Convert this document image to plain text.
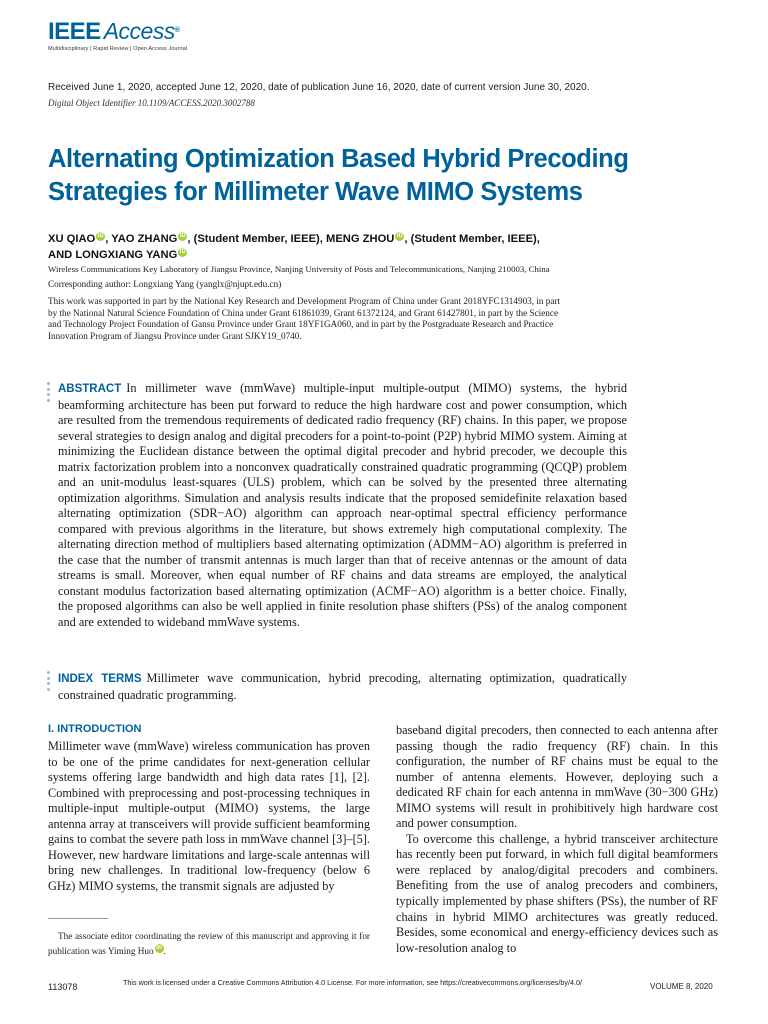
IEEE Access®
Multidisciplinary | Rapid Review | Open Access Journal
Received June 1, 2020, accepted June 12, 2020, date of publication June 16, 2020, date of current version June 30, 2020.
Digital Object Identifier 10.1109/ACCESS.2020.3002788
Alternating Optimization Based Hybrid Precoding
Strategies for Millimeter Wave MIMO Systems
XU QIAO iD , YAO ZHANG iD , (Student Member, IEEE), MENG ZHOU iD , (Student Member, IEEE),
AND LONGXIANG YANG iD
Wireless Communications Key Laboratory of Jiangsu Province, Nanjing University of Posts and Telecommunications, Nanjing 210003, China
Corresponding author: Longxiang Yang (yanglx@njupt.edu.cn)
This work was supported in part by the National Key Research and Development Program of China under Grant 2018YFC1314903, in part
by the National Natural Science Foundation of China under Grant 61861039, Grant 61372124, and Grant 61427801, in part by the Science
and Technology Project Foundation of Gansu Province under Grant 18YF1GA060, and in part by the Postgraduate Research and Practice
Innovation Program of Jiangsu Province under Grant SJKY19_0740.
ABSTRACT In millimeter wave (mmWave) multiple-input multiple-output (MIMO) systems, the hybrid beamforming architecture has been put forward to reduce the high hardware cost and power consumption, which are resulted from the tremendous requirements of dedicated radio frequency (RF) chains. In this paper, we propose several strategies to design analog and digital precoders for a point-to-point (P2P) hybrid MIMO system. Aiming at minimizing the Euclidean distance between the optimal digital precoder and hybrid precoder, we decouple this matrix factorization problem into a nonconvex quadratically constrained quadratic programming (QCQP) problem and an unit-modulus least-squares (ULS) problem, which can be solved by the presented three alternating optimization algorithms. Simulation and analysis results indicate that the proposed semidefinite relaxation based alternating optimization (SDR−AO) algorithm can approach near-optimal spectral efficiency performance compared with previous algorithms in the literature, but shows extremely high computational complexity. The alternating direction method of multipliers based alternating optimization (ADMM−AO) algorithm is preferred in the case that the number of transmit antennas is much larger than that of receive antennas or the amount of data streams is small. Moreover, when equal number of RF chains and data streams are employed, the analytical constant modulus factorization based alternating optimization (ACMF−AO) algorithm is a better choice. Finally, the proposed algorithms can also be well applied in finite resolution phase shifters (PSs) of the analog component and are extended to wideband mmWave systems.
INDEX TERMS Millimeter wave communication, hybrid precoding, alternating optimization, quadratically constrained quadratic programming.
I. INTRODUCTION
Millimeter wave (mmWave) wireless communication has proven to be one of the prime candidates for next-generation cellular systems offering large bandwidth and high data rates [1], [2]. Combined with preprocessing and post-processing techniques in multiple-input multiple-output (MIMO) systems, the large antenna array at transceivers will provide sufficient beamforming gains to combat the severe path loss in mmWave channel [3]–[5]. However, new hardware limitations and large-scale antennas will bring new challenges. In traditional low-frequency (below 6 GHz) MIMO systems, the transmit signals are adjusted by
baseband digital precoders, then connected to each antenna after passing though the radio frequency (RF) chain. In this configuration, the number of RF chains must be equal to the number of antenna elements. However, deploying such a dedicated RF chain for each antenna in mmWave (30−300 GHz) MIMO systems will result in prohibitively high hardware cost and power consumption.
To overcome this challenge, a hybrid transceiver architecture has recently been put forward, in which full digital beamformers were replaced by analog/digital precoders and combiners. Benefiting from the use of analog precoders and combiners, typically implemented by phase shifters (PSs), the number of RF chains in hybrid MIMO architectures was greatly reduced. Besides, some economical and energy-efficiency devices such as low-resolution analog to
The associate editor coordinating the review of this manuscript and approving it for publication was Yiming Huo iD .
113078	This work is licensed under a Creative Commons Attribution 4.0 License. For more information, see https://creativecommons.org/licenses/by/4.0/	VOLUME 8, 2020
